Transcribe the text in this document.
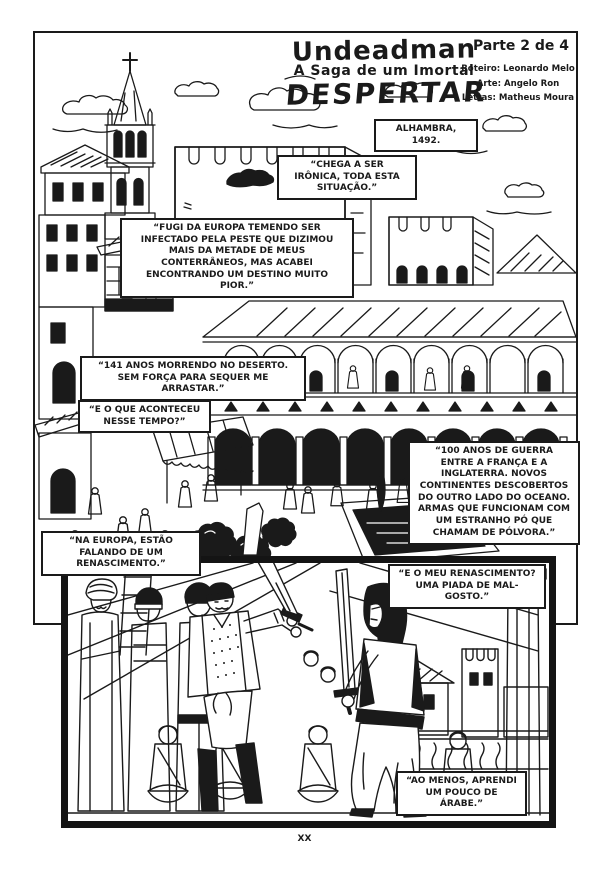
Undeadman
A Saga de um Imortal
DESPERTAR
Parte 2 de 4
Roteiro: Leonardo Melo
Arte: Angelo Ron
Letras: Matheus Moura
ALHAMBRA, 1492.
“CHEGA A SER IRÔNICA, TODA ESTA SITUAÇÃO.”
“FUGI DA EUROPA TEMENDO SER INFECTADO PELA PESTE QUE DIZIMOU MAIS DA METADE DE MEUS CONTERRÂNEOS, MAS ACABEI ENCONTRANDO UM DESTINO MUITO PIOR.”
“141 ANOS MORRENDO NO DESERTO. SEM FORÇA PARA SEQUER ME ARRASTAR.”
“E O QUE ACONTECEU NESSE TEMPO?”
“100 ANOS DE GUERRA ENTRE A FRANÇA E A INGLATERRA. NOVOS CONTINENTES DESCOBERTOS DO OUTRO LADO DO OCEANO. ARMAS QUE FUNCIONAM COM UM ESTRANHO PÓ QUE CHAMAM DE PÓLVORA.”
“NA EUROPA, ESTÃO FALANDO DE UM RENASCIMENTO.”
“E O MEU RENASCIMENTO? UMA PIADA DE MAL-GOSTO.”
“AO MENOS, APRENDI UM POUCO DE ÁRABE.”
XX
